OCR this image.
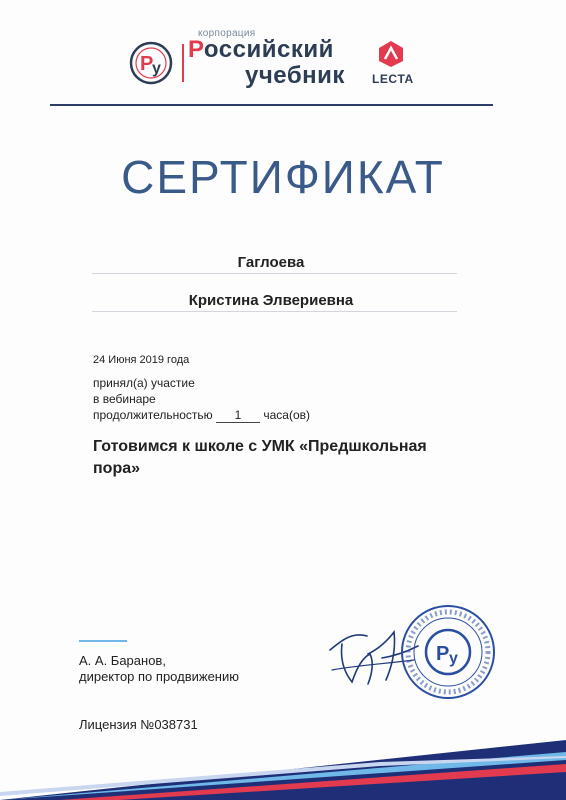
Р
у
корпорация
Российский
учебник LECTA
СЕРТИФИКАТ
Гаглоева
Кристина Элвериевна
24 Июня 2019 года
принял(а) участие
в вебинаре
продолжительностью 1 часа(ов)
Готовимся к школе с УМК «Предшкольная пора»
А. А. Баранов,
директор по продвижению
Лицензия №038731
Р у
